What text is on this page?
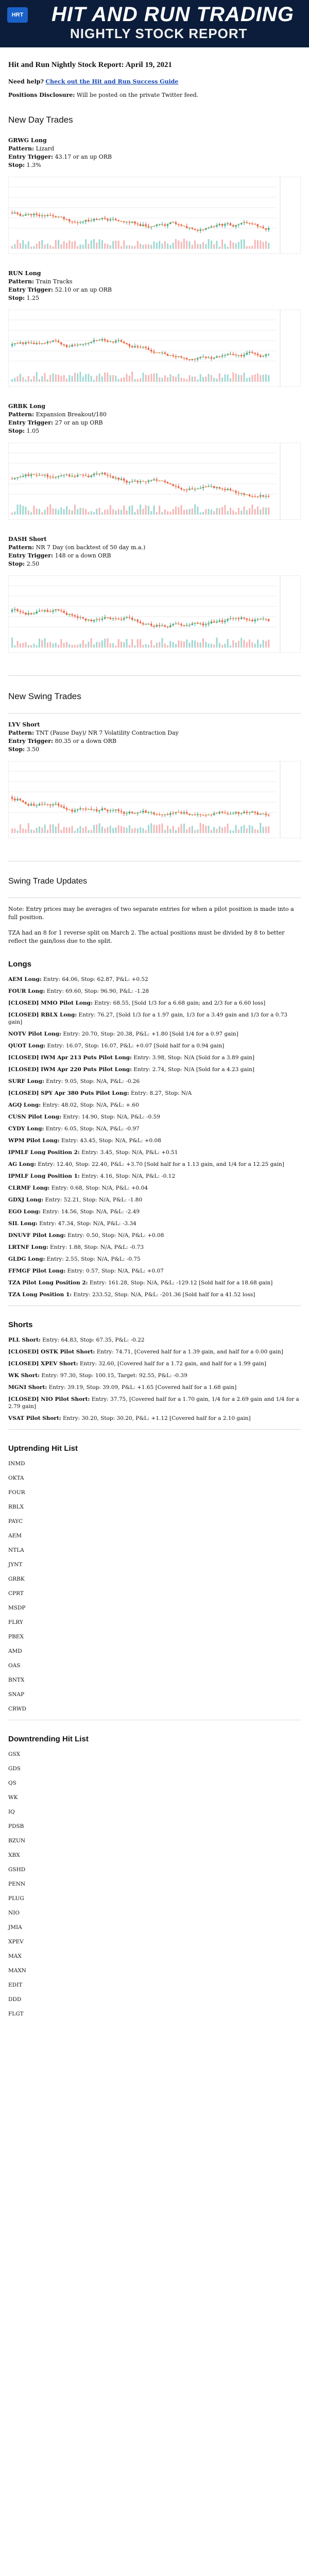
HRT HIT AND RUN TRADING
NIGHTLY STOCK REPORT
Hit and Run Nightly Stock Report: April 19, 2021

Need help? Check out the Hit and Run Success Guide

Positions Disclosure: Will be posted on the private Twitter feed.

New Day Trades
GRWG Long
Pattern: Lizard
Entry Trigger: 43.17 or an up ORB
Stop: 1.3%
RUN Long
Pattern: Train Tracks
Entry Trigger: 52.10 or an up ORB
Stop: 1.25
GRBK Long
Pattern: Expansion Breakout/180
Entry Trigger: 27 or an up ORB
Stop: 1.05
DASH Short
Pattern: NR 7 Day (on backtest of 50 day m.a.)
Entry Trigger: 148 or a down ORB
Stop: 2.50
New Swing Trades
LYV Short
Pattern: TNT (Pause Day)/ NR 7 Volatility Contraction Day
Entry Trigger: 80.35 or a down ORB
Stop: 3.50
Swing Trade Updates

Note: Entry prices may be averages of two separate entries for when a pilot position is made into a full position.

TZA had an 8 for 1 reverse split on March 2. The actual positions must be divided by 8 to better reflect the gain/loss due to the split.

Longs
AEM Long: Entry: 64.06, Stop: 62.87, P&L: +0.52
FOUR Long: Entry: 69.60, Stop: 96.90, P&L: -1.28
[CLOSED] MMO Pilot Long: Entry: 68.55, [Sold 1/3 for a 6.68 gain; and 2/3 for a 6.60 loss]
[CLOSED] RBLX Long: Entry: 76.27, [Sold 1/3 for a 1.97 gain, 1/3 for a 3.49 gain and 1/3 for a 0.73 gain]
NOTV Pilot Long: Entry: 20.70, Stop: 20.38, P&L: +1.80 [Sold 1/4 for a 0.97 gain]
QUOT Long: Entry: 16.07, Stop: 16.07, P&L: +0.07 [Sold half for a 0.94 gain]
[CLOSED] IWM Apr 213 Puts Pilot Long: Entry: 3.98, Stop: N/A [Sold for a 3.89 gain]
[CLOSED] IWM Apr 220 Puts Pilot Long: Entry: 2.74, Stop: N/A [Sold for a 4.23 gain]
SURF Long: Entry: 9.05, Stop: N/A, P&L: -0.26
[CLOSED] SPY Apr 380 Puts Pilot Long: Entry: 8.27, Stop: N/A
AGQ Long: Entry: 48.02, Stop: N/A, P&L: +.60
CUSN Pilot Long: Entry: 14.90, Stop: N/A, P&L: -0.59
CYDY Long: Entry: 6.05, Stop: N/A, P&L: -0.97
WPM Pilot Long: Entry: 43.45, Stop: N/A, P&L: +0.08
IPMLF Long Position 2: Entry: 3.45, Stop: N/A, P&L: +0.51
AG Long: Entry: 12.40, Stop: 22.40, P&L: +3.70 [Sold half for a 1.13 gain, and 1/4 for a 12.25 gain]
IPMLF Long Position 1: Entry: 4.16, Stop: N/A, P&L: -0.12
CLRMF Long: Entry: 0.68, Stop: N/A, P&L: +0.04
GDXJ Long: Entry: 52.21, Stop: N/A, P&L: -1.80
EGO Long: Entry: 14.56, Stop: N/A, P&L: -2.49
SIL Long: Entry: 47.34, Stop: N/A, P&L: -3.34
DNUVF Pilot Long: Entry: 0.50, Stop: N/A, P&L: +0.08
LRTNF Long: Entry: 1.88, Stop: N/A, P&L: -0.73
GLDG Long: Entry: 2.55, Stop: N/A, P&L: -0.75
FFMGF Pilot Long: Entry: 0.57, Stop: N/A, P&L: +0.07
TZA Pilot Long Position 2: Entry: 161.28, Stop: N/A, P&L: -129.12 [Sold half for a 18.68 gain]
TZA Long Position 1: Entry: 233.52, Stop: N/A, P&L: -201.36 [Sold half for a 41.52 loss]
Shorts
PLL Short: Entry: 64.83, Stop: 67.35, P&L: -0.22
[CLOSED] OSTK Pilot Short: Entry: 74.71, [Covered half for a 1.39 gain, and half for a 0.00 gain]
[CLOSED] XPEV Short: Entry: 32.60, [Covered half for a 1.72 gain, and half for a 1.99 gain]
WK Short: Entry: 97.30, Stop: 100.15, Target: 92.55, P&L: -0.39
MGNI Short: Entry: 39.19, Stop: 39.09, P&L: +1.65 [Covered half for a 1.68 gain]
[CLOSED] NIO Pilot Short: Entry: 37.75, [Covered half for a 1.70 gain, 1/4 for a 2.69 gain and 1/4 for a 2.79 gain]
VSAT Pilot Short: Entry: 30.20, Stop: 30.20, P&L: +1.12 [Covered half for a 2.10 gain]
Uptrending Hit List
INMD
OKTA
FOUR
RBLX
PAYC
AEM
NTLA
JYNT
GRBK
CPRT
MSDP
FLRY
PBEX
AMD
OAS
BNTX
SNAP
CRWD
Downtrending Hit List
GSX
GDS
QS
WK
IQ
PDSB
BZUN
XBX
GSHD
PENN
PLUG
NIO
JMIA
XPEV
MAX
MAXN
EDIT
DDD
FLGT
